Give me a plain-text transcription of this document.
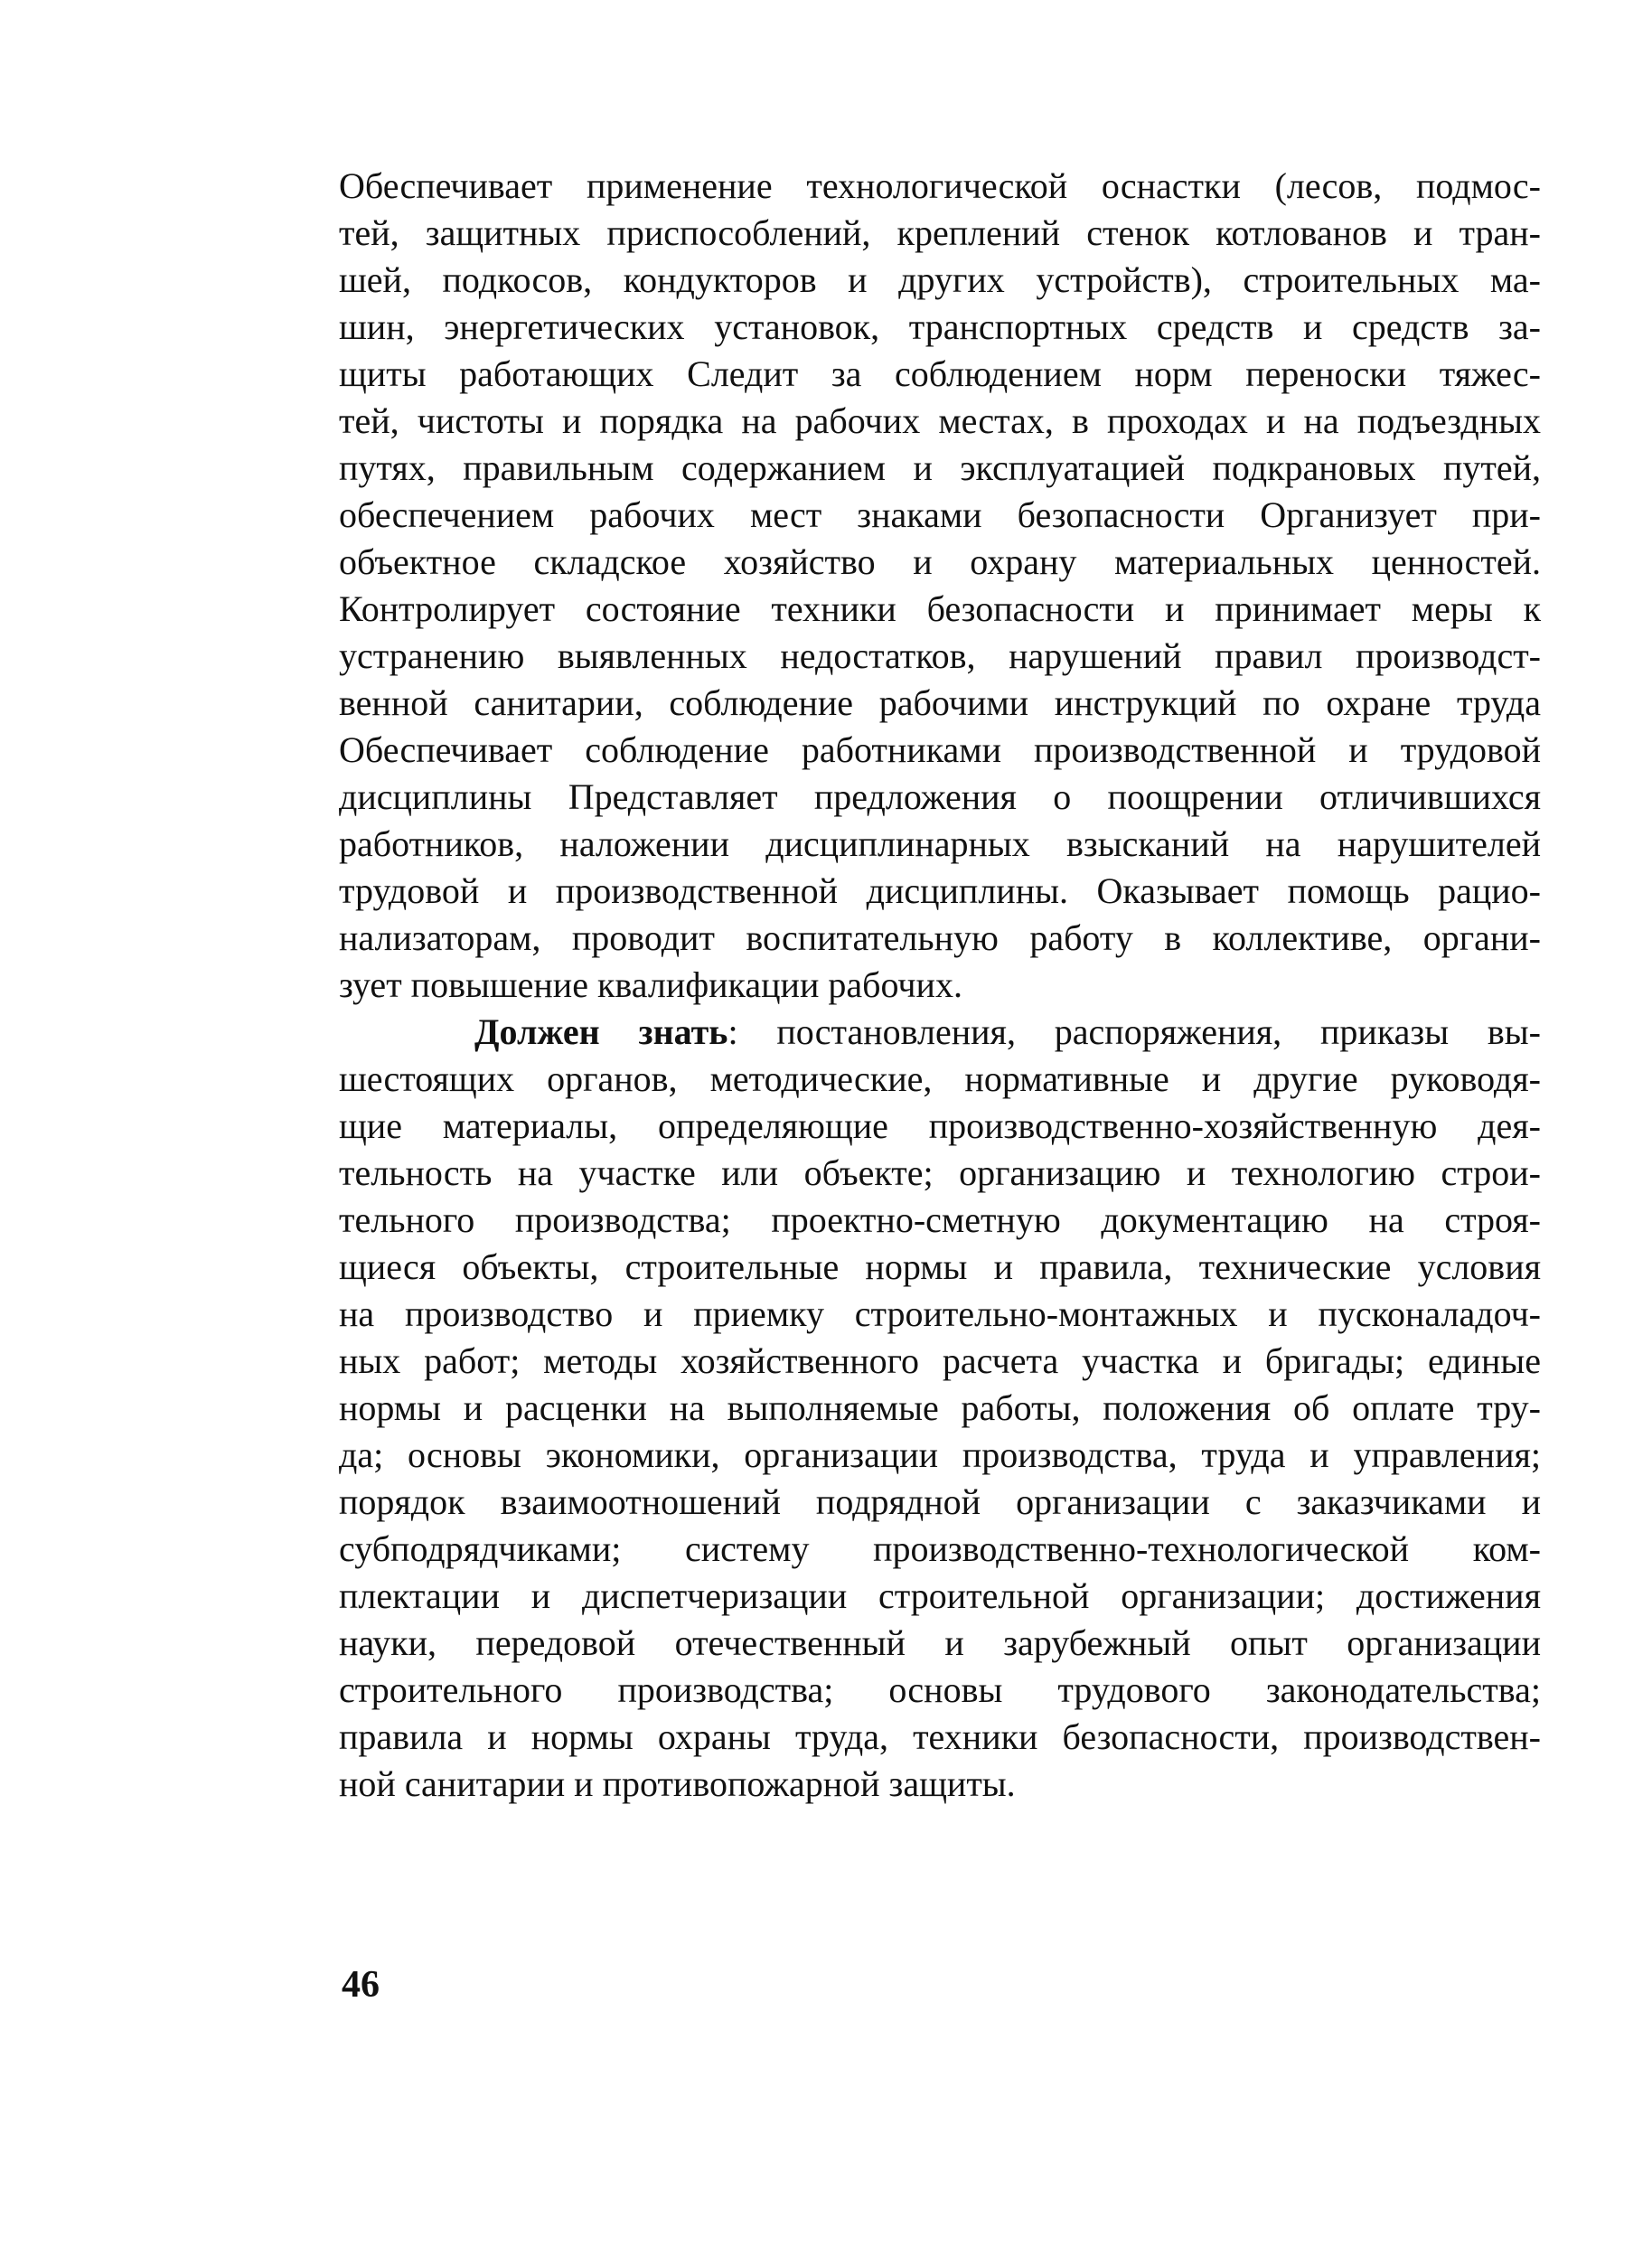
Обеспечивает применение технологической оснастки (лесов, подмос-
тей, защитных приспособлений, креплений стенок котлованов и тран-
шей, подкосов, кондукторов и других устройств), строительных ма-
шин, энергетических установок, транспортных средств и средств за-
щиты работающих Следит за соблюдением норм переноски тяжес-
тей, чистоты и порядка на рабочих местах, в проходах и на подъездных
путях, правильным содержанием и эксплуатацией подкрановых путей,
обеспечением рабочих мест знаками безопасности Организует при-
объектное складское хозяйство и охрану материальных ценностей.
Контролирует состояние техники безопасности и принимает меры к
устранению выявленных недостатков, нарушений правил производст-
венной санитарии, соблюдение рабочими инструкций по охране труда
Обеспечивает соблюдение работниками производственной и трудовой
дисциплины Представляет предложения о поощрении отличившихся
работников, наложении дисциплинарных взысканий на нарушителей
трудовой и производственной дисциплины. Оказывает помощь рацио-
нализаторам, проводит воспитательную работу в коллективе, органи-
зует повышение квалификации рабочих.
Должен знать: постановления, распоряжения, приказы вы-
шестоящих органов, методические, нормативные и другие руководя-
щие материалы, определяющие производственно-хозяйственную дея-
тельность на участке или объекте; организацию и технологию строи-
тельного производства; проектно-сметную документацию на строя-
щиеся объекты, строительные нормы и правила, технические условия
на производство и приемку строительно-монтажных и пусконаладоч-
ных работ; методы хозяйственного расчета участка и бригады; единые
нормы и расценки на выполняемые работы, положения об оплате тру-
да; основы экономики, организации производства, труда и управления;
порядок взаимоотношений подрядной организации с заказчиками и
субподрядчиками; систему производственно-технологической ком-
плектации и диспетчеризации строительной организации; достижения
науки, передовой отечественный и зарубежный опыт организации
строительного производства; основы трудового законодательства;
правила и нормы охраны труда, техники безопасности, производствен-
ной санитарии и противопожарной защиты.
46
